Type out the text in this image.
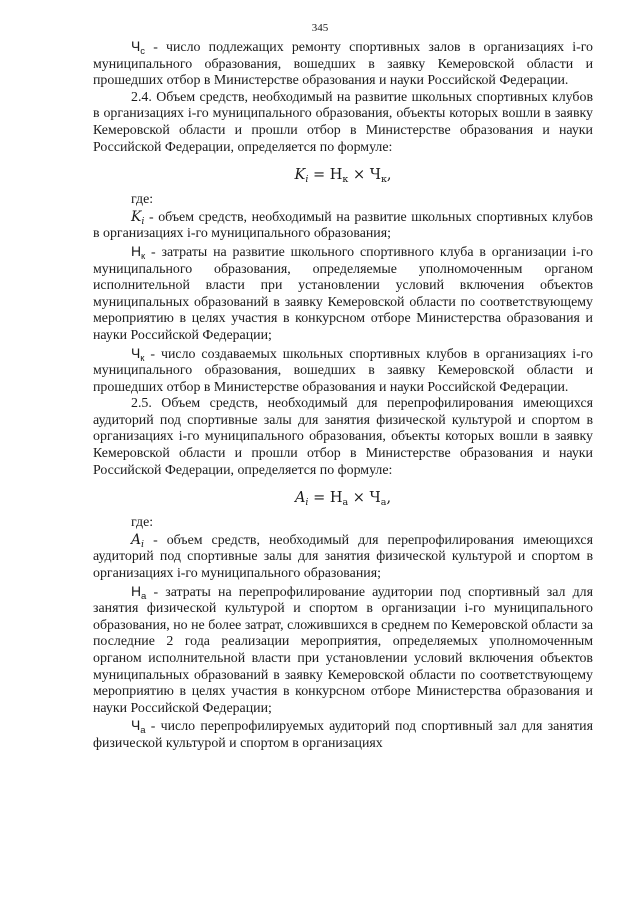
345

$Ч_с$ - число подлежащих ремонту спортивных залов в организациях i-го муниципального образования, вошедших в заявку Кемеровской области и прошедших отбор в Министерстве образования и науки Российской Федерации.

2.4. Объем средств, необходимый на развитие школьных спортивных клубов в организациях i-го муниципального образования, объекты которых вошли в заявку Кемеровской области и прошли отбор в Министерстве образования и науки Российской Федерации, определяется по формуле:

$K_i = Н_к \times Ч_к$,

где:

$K_i$ - объем средств, необходимый на развитие школьных спортивных клубов в организациях i-го муниципального образования;

$Н_к$ - затраты на развитие школьного спортивного клуба в организации i-го муниципального образования, определяемые уполномоченным органом исполнительной власти при установлении условий включения объектов муниципальных образований в заявку Кемеровской области по соответствующему мероприятию в целях участия в конкурсном отборе Министерства образования и науки Российской Федерации;

$Ч_к$ - число создаваемых школьных спортивных клубов в организациях i-го муниципального образования, вошедших в заявку Кемеровской области и прошедших отбор в Министерстве образования и науки Российской Федерации.

2.5. Объем средств, необходимый для перепрофилирования имеющихся аудиторий под спортивные залы для занятия физической культурой и спортом в организациях i-го муниципального образования, объекты которых вошли в заявку Кемеровской области и прошли отбор в Министерстве образования и науки Российской Федерации, определяется по формуле:

$A_i = Н_а \times Ч_а$,

где:

$A_i$ - объем средств, необходимый для перепрофилирования имеющихся аудиторий под спортивные залы для занятия физической культурой и спортом в организациях i-го муниципального образования;

$Н_а$ - затраты на перепрофилирование аудитории под спортивный зал для занятия физической культурой и спортом в организации i-го муниципального образования, но не более затрат, сложившихся в среднем по Кемеровской области за последние 2 года реализации мероприятия, определяемых уполномоченным органом исполнительной власти при установлении условий включения объектов муниципальных образований в заявку Кемеровской области по соответствующему мероприятию в целях участия в конкурсном отборе Министерства образования и науки Российской Федерации;

$Ч_а$ - число перепрофилируемых аудиторий под спортивный зал для занятия физической культурой и спортом в организациях
